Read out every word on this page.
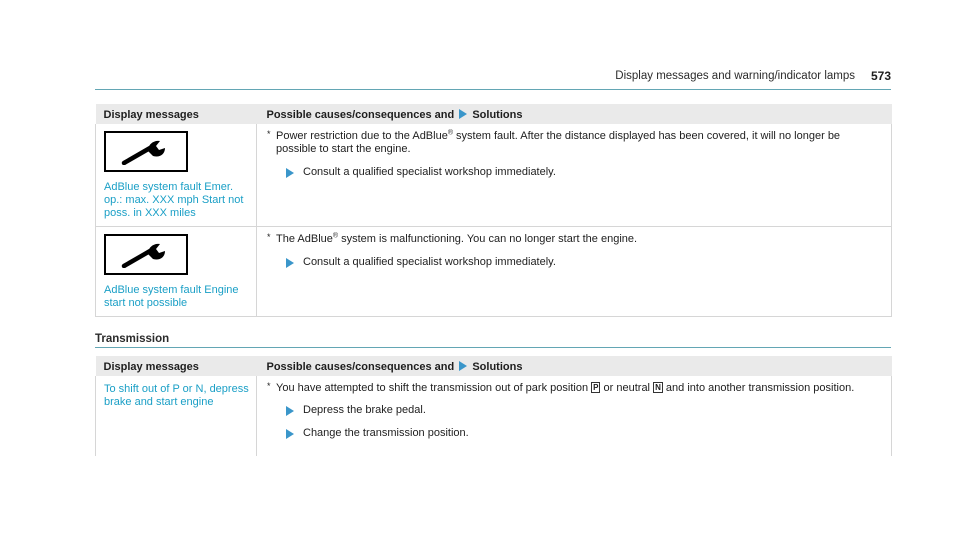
Display messages and warning/indicator lamps 573
Display messages	Possible causes/consequences and Solutions

AdBlue system fault Emer. op.: max. XXX mph Start not poss. in XXX miles	* Power restriction due to the AdBlue® system fault. After the distance displayed has been covered, it will no longer be possible to start the engine.
Consult a qualified specialist workshop immediately.

AdBlue system fault Engine start not possible	* The AdBlue® system is malfunctioning. You can no longer start the engine.
Consult a qualified specialist workshop immediately.
Transmission
Display messages	Possible causes/consequences and Solutions

To shift out of P or N, depress brake and start engine	* You have attempted to shift the transmission out of park position P or neutral N and into another transmission position.
Depress the brake pedal.
Change the transmission position.
